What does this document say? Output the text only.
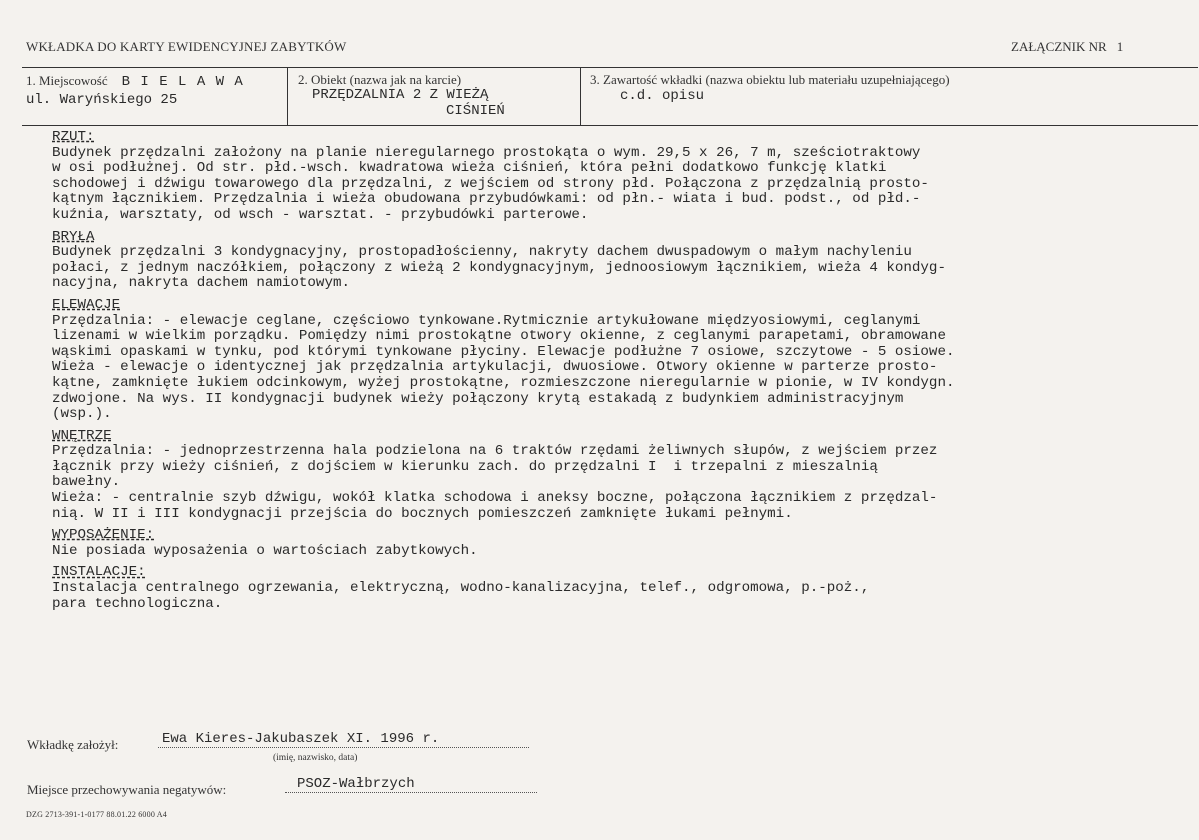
WKŁADKA DO KARTY EWIDENCYJNEJ ZABYTKÓW	ZAŁĄCZNIK NR 1
1. Miejscowość B I E L A W A
ul. Waryńskiego 25
2. Obiekt (nazwa jak na karcie)
PRZĘDZALNIA 2 Z WIEŻĄ
CIŚNIEŃ
3. Zawartość wkładki (nazwa obiektu lub materiału uzupełniającego)
c.d. opisu
RZUT:

Budynek przędzalni założony na planie nieregularnego prostokąta o wym. 29,5 x 26, 7 m, sześciotraktowy

w osi podłużnej. Od str. płd.-wsch. kwadratowa wieża ciśnień, która pełni dodatkowo funkcję klatki

schodowej i dźwigu towarowego dla przędzalni, z wejściem od strony płd. Połączona z przędzalnią prosto-

kątnym łącznikiem. Przędzalnia i wieża obudowana przybudówkami: od płn.- wiata i bud. podst., od płd.-

kuźnia, warsztaty, od wsch - warsztat. - przybudówki parterowe.

BRYŁA

Budynek przędzalni 3 kondygnacyjny, prostopadłościenny, nakryty dachem dwuspadowym o małym nachyleniu

połaci, z jednym naczółkiem, połączony z wieżą 2 kondygnacyjnym, jednoosiowym łącznikiem, wieża 4 kondyg-

nacyjna, nakryta dachem namiotowym.

ELEWACJE

Przędzalnia: - elewacje ceglane, częściowo tynkowane.Rytmicznie artykułowane międzyosiowymi, ceglanymi

lizenami w wielkim porządku. Pomiędzy nimi prostokątne otwory okienne, z ceglanymi parapetami, obramowane

wąskimi opaskami w tynku, pod którymi tynkowane płyciny. Elewacje podłużne 7 osiowe, szczytowe - 5 osiowe.

Wieża - elewacje o identycznej jak przędzalnia artykulacji, dwuosiowe. Otwory okienne w parterze prosto-

kątne, zamknięte łukiem odcinkowym, wyżej prostokątne, rozmieszczone nieregularnie w pionie, w IV kondygn.

zdwojone. Na wys. II kondygnacji budynek wieży połączony krytą estakadą z budynkiem administracyjnym

(wsp.).

WNĘTRZE

Przędzalnia: - jednoprzestrzenna hala podzielona na 6 traktów rzędami żeliwnych słupów, z wejściem przez

łącznik przy wieży ciśnień, z dojściem w kierunku zach. do przędzalni I  i trzepalni z mieszalnią

bawełny.

Wieża: - centralnie szyb dźwigu, wokół klatka schodowa i aneksy boczne, połączona łącznikiem z przędzal-

nią. W II i III kondygnacji przejścia do bocznych pomieszczeń zamknięte łukami pełnymi.

WYPOSAŻENIE:

Nie posiada wyposażenia o wartościach zabytkowych.

INSTALACJE:

Instalacja centralnego ogrzewania, elektryczną, wodno-kanalizacyjna, telef., odgromowa, p.-poż.,

para technologiczna.

Wkładkę założył:	Ewa Kieres-Jakubaszek XI. 1996 r.
(imię, nazwisko, data)
Miejsce przechowywania negatywów:	PSOZ-Wałbrzych
DZG 2713-391-1-0177 88.01.22 6000 A4
